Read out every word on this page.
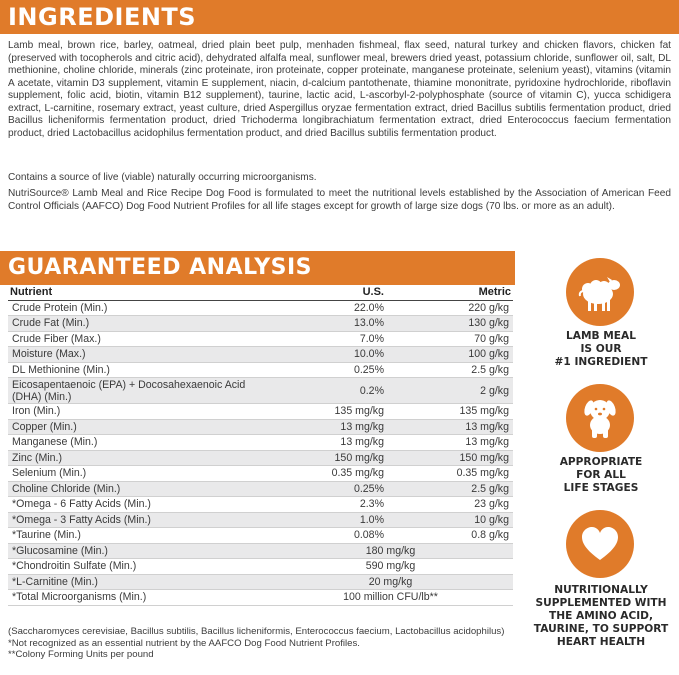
INGREDIENTS

Lamb meal, brown rice, barley, oatmeal, dried plain beet pulp, menhaden fishmeal, flax seed, natural turkey and chicken flavors, chicken fat (preserved with tocopherols and citric acid), dehydrated alfalfa meal, sunflower meal, brewers dried yeast, potassium chloride, sunflower oil, salt, DL methionine, choline chloride, minerals (zinc proteinate, iron proteinate, copper proteinate, manganese proteinate, selenium yeast), vitamins (vitamin A acetate, vitamin D3 supplement, vitamin E supplement, niacin, d-calcium pantothenate, thiamine mononitrate, pyridoxine hydrochloride, riboflavin supplement, folic acid, biotin, vitamin B12 supplement), taurine, lactic acid, L-ascorbyl-2-polyphosphate (source of vitamin C), yucca schidigera extract, L-carnitine, rosemary extract, yeast culture, dried Aspergillus oryzae fermentation extract, dried Bacillus subtilis fermentation product, dried Bacillus licheniformis fermentation product, dried Trichoderma longibrachiatum fermentation extract, dried Enterococcus faecium fermentation product, dried Lactobacillus acidophilus fermentation product, and dried Bacillus subtilis fermentation product.

Contains a source of live (viable) naturally occurring microorganisms.

NutriSource® Lamb Meal and Rice Recipe Dog Food is formulated to meet the nutritional levels established by the Association of American Feed Control Officials (AAFCO) Dog Food Nutrient Profiles for all life stages except for growth of large size dogs (70 lbs. or more as an adult).

GUARANTEED ANALYSIS
Nutrient	U.S.	Metric
Crude Protein (Min.)	22.0%	220 g/kg
Crude Fat (Min.)	13.0%	130 g/kg
Crude Fiber (Max.)	7.0%	70 g/kg
Moisture (Max.)	10.0%	100 g/kg
DL Methionine (Min.)	0.25%	2.5 g/kg
Eicosapentaenoic (EPA) + Docosahexaenoic Acid (DHA) (Min.)	0.2%	2 g/kg
Iron (Min.)	135 mg/kg	135 mg/kg
Copper (Min.)	13 mg/kg	13 mg/kg
Manganese (Min.)	13 mg/kg	13 mg/kg
Zinc (Min.)	150 mg/kg	150 mg/kg
Selenium (Min.)	0.35 mg/kg	0.35 mg/kg
Choline Chloride (Min.)	0.25%	2.5 g/kg
*Omega - 6 Fatty Acids (Min.)	2.3%	23 g/kg
*Omega - 3 Fatty Acids (Min.)	1.0%	10 g/kg
*Taurine (Min.)	0.08%	0.8 g/kg
*Glucosamine (Min.)	180 mg/kg	
*Chondroitin Sulfate (Min.)	590 mg/kg	
*L-Carnitine (Min.)	20 mg/kg	
*Total Microorganisms (Min.)	100 million CFU/lb**	
(Saccharomyces cerevisiae, Bacillus subtilis, Bacillus licheniformis, Enterococcus faecium, Lactobacillus acidophilus)
*Not recognized as an essential nutrient by the AAFCO Dog Food Nutrient Profiles.
**Colony Forming Units per pound
LAMB MEAL
IS OUR
#1 INGREDIENT
APPROPRIATE
FOR ALL
LIFE STAGES
NUTRITIONALLY
SUPPLEMENTED WITH
THE AMINO ACID,
TAURINE, TO SUPPORT
HEART HEALTH
